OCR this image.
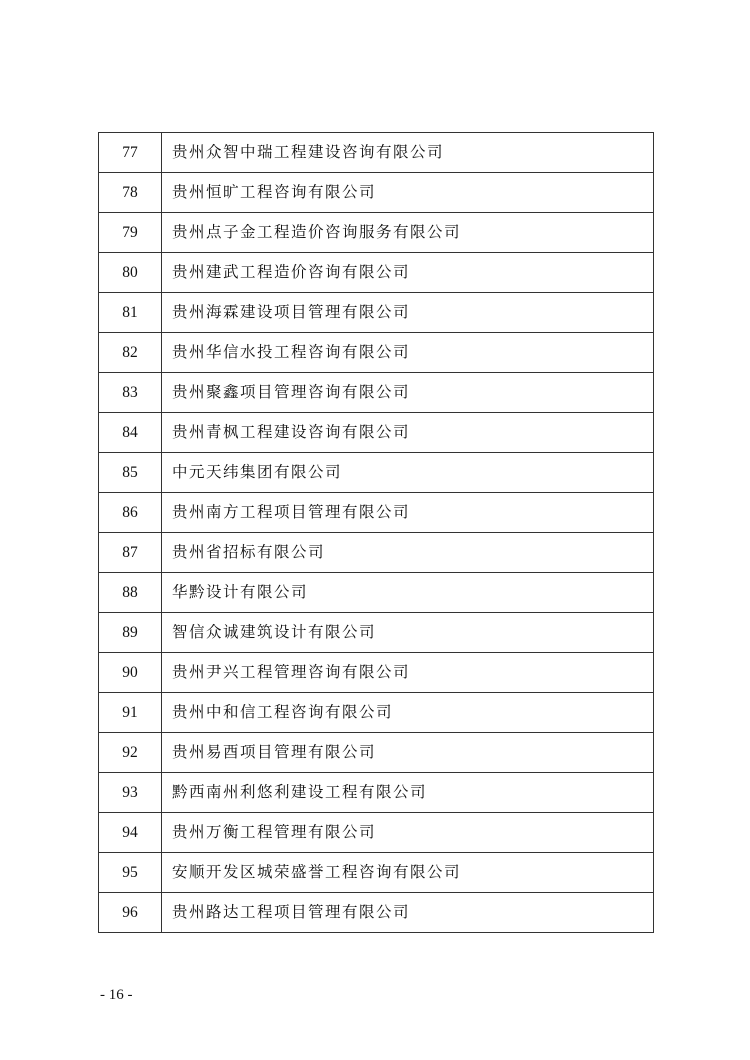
77	贵州众智中瑞工程建设咨询有限公司
78	贵州恒旷工程咨询有限公司
79	贵州点子金工程造价咨询服务有限公司
80	贵州建武工程造价咨询有限公司
81	贵州海霖建设项目管理有限公司
82	贵州华信水投工程咨询有限公司
83	贵州聚鑫项目管理咨询有限公司
84	贵州青枫工程建设咨询有限公司
85	中元天纬集团有限公司
86	贵州南方工程项目管理有限公司
87	贵州省招标有限公司
88	华黔设计有限公司
89	智信众诚建筑设计有限公司
90	贵州尹兴工程管理咨询有限公司
91	贵州中和信工程咨询有限公司
92	贵州易酉项目管理有限公司
93	黔西南州利悠利建设工程有限公司
94	贵州万衡工程管理有限公司
95	安顺开发区城荣盛誉工程咨询有限公司
96	贵州路达工程项目管理有限公司
- 16 -
